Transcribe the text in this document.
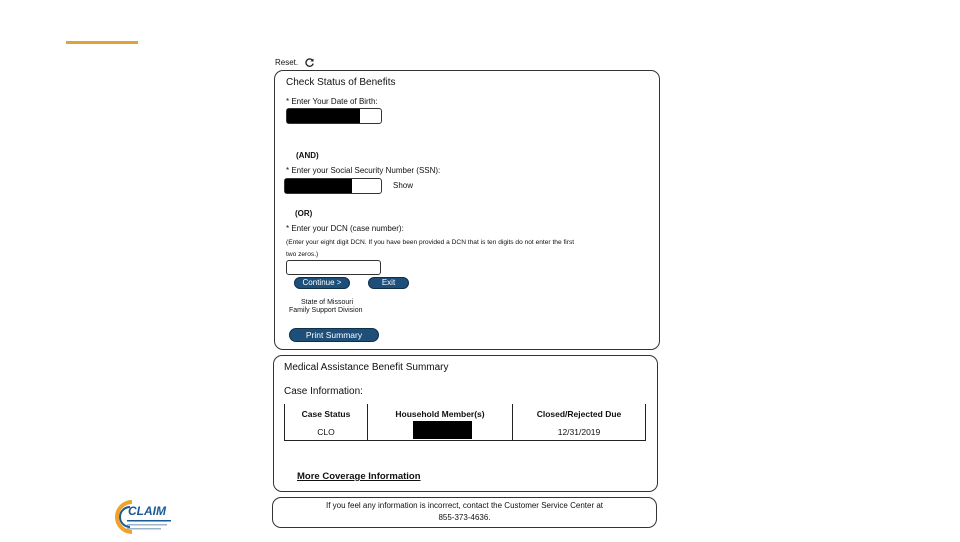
Reset.
Check Status of Benefits
* Enter Your Date of Birth:
(AND)
* Enter your Social Security Number (SSN):
Show
(OR)
* Enter your DCN (case number):
(Enter your eight digit DCN. If you have been provided a DCN that is ten digits do not enter the first
two zeros.)
Continue >	Exit
State of Missouri
Family Support Division
Print Summary
Medical Assistance Benefit Summary
Case Information:
More Coverage Information
Case Status	Household Member(s)	Closed/Rejected Due
CLO		12/31/2019
If you feel any information is incorrect, contact the Customer Service Center at
855-373-4636.
CLAIM
